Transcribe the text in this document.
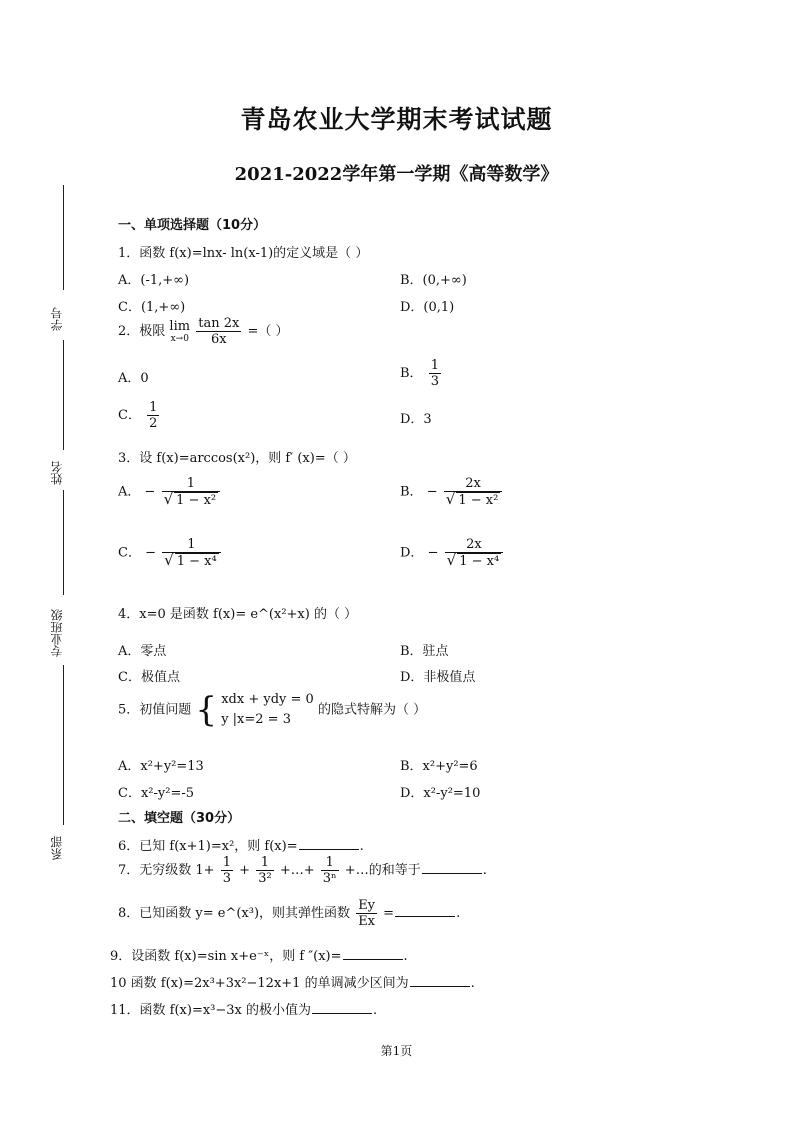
青岛农业大学期末考试试题
2021-2022学年第一学期《高等数学》
学号
姓名
专业班级
系部
一、单项选择题（10分）
1．函数 f(x)=lnx- ln(x-1)的定义域是（ ）
A．(-1,+∞)	B．(0,+∞)
C．(1,+∞)	D．(0,1)
2．极限 lim
x→0
$\frac{\tan 2x}{6x}$ =（ ）
A．0	B． $\frac{1}{3}$
C． $\frac{1}{2}$	D．3
3．设 f(x)=arccos(x²)，则 f′ (x)=（ ）
A． − $\frac{1}{\text{√ 1 − x²}}$	B． − $\frac{2x}{\text{√ 1 − x²}}$
C． − $\frac{1}{\text{√ 1 − x⁴}}$	D． − $\frac{2x}{\text{√ 1 − x⁴}}$
4．x=0 是函数 f(x)= e^(x²+x) 的（ ）
A．零点	B．驻点
C．极值点	D．非极值点
5．初值问题 { xdx + ydy = 0
y |x=2 = 3
的隐式特解为（ ）
A．x²+y²=13	B．x²+y²=6
C．x²-y²=-5	D．x²-y²=10
二、填空题（30分）
6．已知 f(x+1)=x²，则 f(x)=	.
7．无穷级数 $1+ \frac{1}{3} + \frac{1}{\text{3²}}$ +…+ $\frac{1}{\text{3ⁿ}}$ +…的和等于	.
8．已知函数 y= e^(x³)，则其弹性函数 $\frac{Ey}{Ex}$ =	.
9．设函数 f(x)=sin x+e⁻ˣ，则 f ″(x)=	.
10 函数 f(x)=2x³+3x²−12x+1 的单调减少区间为	.
11．函数 f(x)=x³−3x 的极小值为	.
第1页
